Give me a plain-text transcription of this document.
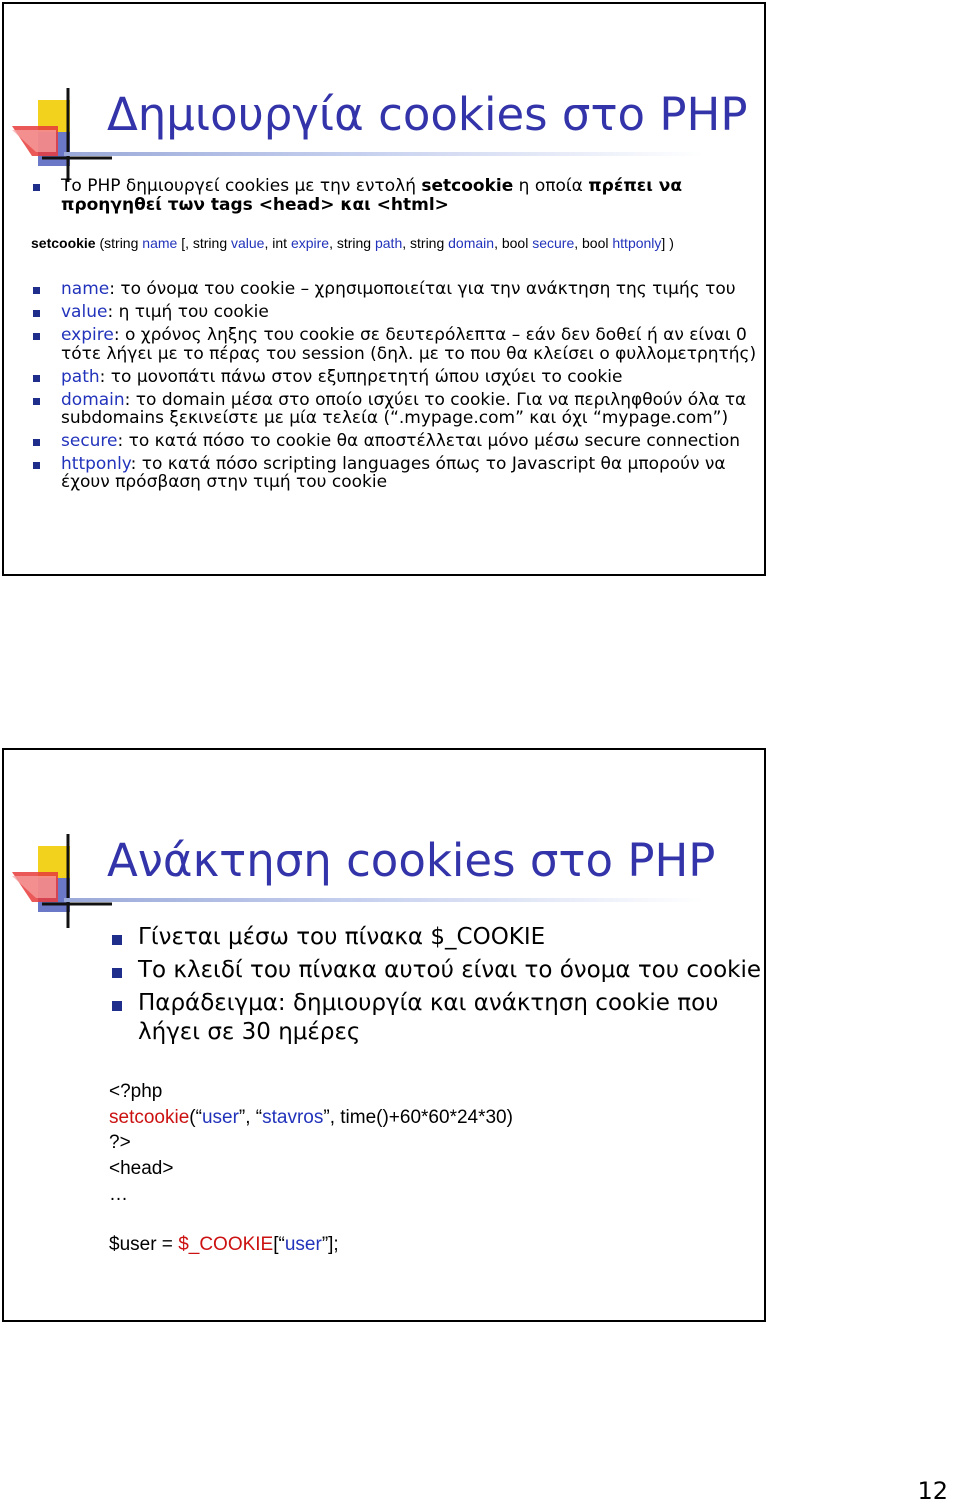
Δημιουργία cookies στο PHP
Το PHP δημιουργεί cookies με την εντολή setcookie η οποία πρέπει να
προηγηθεί των tags <head> και <html>
setcookie (string name [, string value, int expire, string path, string domain, bool secure, bool httponly] )
name: το όνομα του cookie – χρησιμοποιείται για την ανάκτηση της τιμής του
value: η τιμή του cookie
expire: ο χρόνος ληξης του cookie σε δευτερόλεπτα – εάν δεν δοθεί ή αν είναι 0
τότε λήγει με το πέρας του session (δηλ. με το που θα κλείσει ο φυλλομετρητής)
path: το μονοπάτι πάνω στον εξυπηρετητή ώπου ισχύει το cookie
domain: το domain μέσα στο οποίο ισχύει το cookie. Για να περιληφθούν όλα τα
subdomains ξεκινείστε με μία τελεία (“.mypage.com” και όχι “mypage.com”)
secure: το κατά πόσο το cookie θα αποστέλλεται μόνο μέσω secure connection
httponly: το κατά πόσο scripting languages όπως το Javascript θα μπορούν να
έχουν πρόσβαση στην τιμή του cookie
Ανάκτηση cookies στο PHP
Γίνεται μέσω του πίνακα $_COOKIE
Το κλειδί του πίνακα αυτού είναι το όνομα του cookie
Παράδειγμα: δημιουργία και ανάκτηση cookie που
λήγει σε 30 ημέρες
<?php
setcookie(“user”, “stavros”, time()+60*60*24*30)
?>
<head>
…
$user = $_COOKIE[“user”];
12
